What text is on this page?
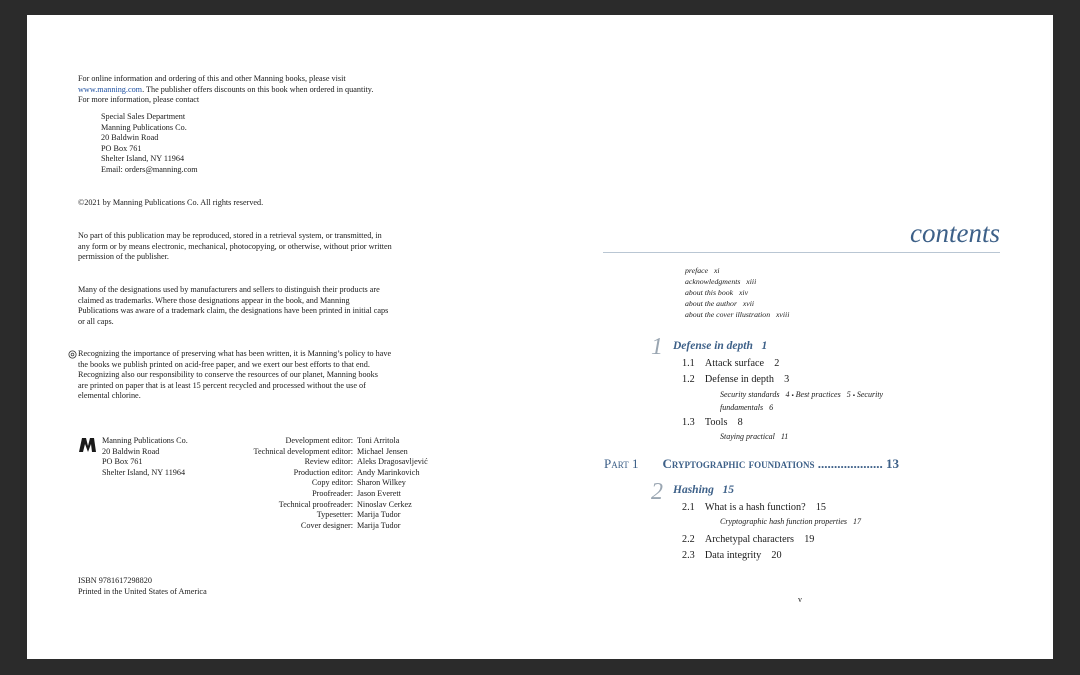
For online information and ordering of this and other Manning books, please visit
www.manning.com. The publisher offers discounts on this book when ordered in quantity.
For more information, please contact
Special Sales Department
Manning Publications Co.
20 Baldwin Road
PO Box 761
Shelter Island, NY 11964
Email: orders@manning.com
©2021 by Manning Publications Co. All rights reserved.
No part of this publication may be reproduced, stored in a retrieval system, or transmitted, in
any form or by means electronic, mechanical, photocopying, or otherwise, without prior written
permission of the publisher.
Many of the designations used by manufacturers and sellers to distinguish their products are
claimed as trademarks. Where those designations appear in the book, and Manning
Publications was aware of a trademark claim, the designations have been printed in initial caps
or all caps.
Recognizing the importance of preserving what has been written, it is Manning’s policy to have
the books we publish printed on acid-free paper, and we exert our best efforts to that end.
Recognizing also our responsibility to conserve the resources of our planet, Manning books
are printed on paper that is at least 15 percent recycled and processed without the use of
elemental chlorine.
Manning Publications Co.
20 Baldwin Road
PO Box 761
Shelter Island, NY 11964
Development editor:
Technical development editor:
Review editor:
Production editor:
Copy editor:
Proofreader:
Technical proofreader:
Typesetter:
Cover designer:
Toni Arritola
Michael Jensen
Aleks Dragosavljević
Andy Marinkovich
Sharon Wilkey
Jason Everett
Ninoslav Cerkez
Marija Tudor
Marija Tudor
ISBN 9781617298820
Printed in the United States of America
contents
preface xi
acknowledgments xiii
about this book xiv
about the author xvii
about the cover illustration xviii
1 Defense in depth 1
1.1 Attack surface 2
1.2 Defense in depth 3
Security standards 4 ▪ Best practices 5 ▪ Security
fundamentals 6
1.3 Tools 8
Staying practical 11
Part 1 Cryptographic foundations .................... 13
2 Hashing 15
2.1 What is a hash function? 15
Cryptographic hash function properties 17
2.2 Archetypal characters 19
2.3 Data integrity 20
v
